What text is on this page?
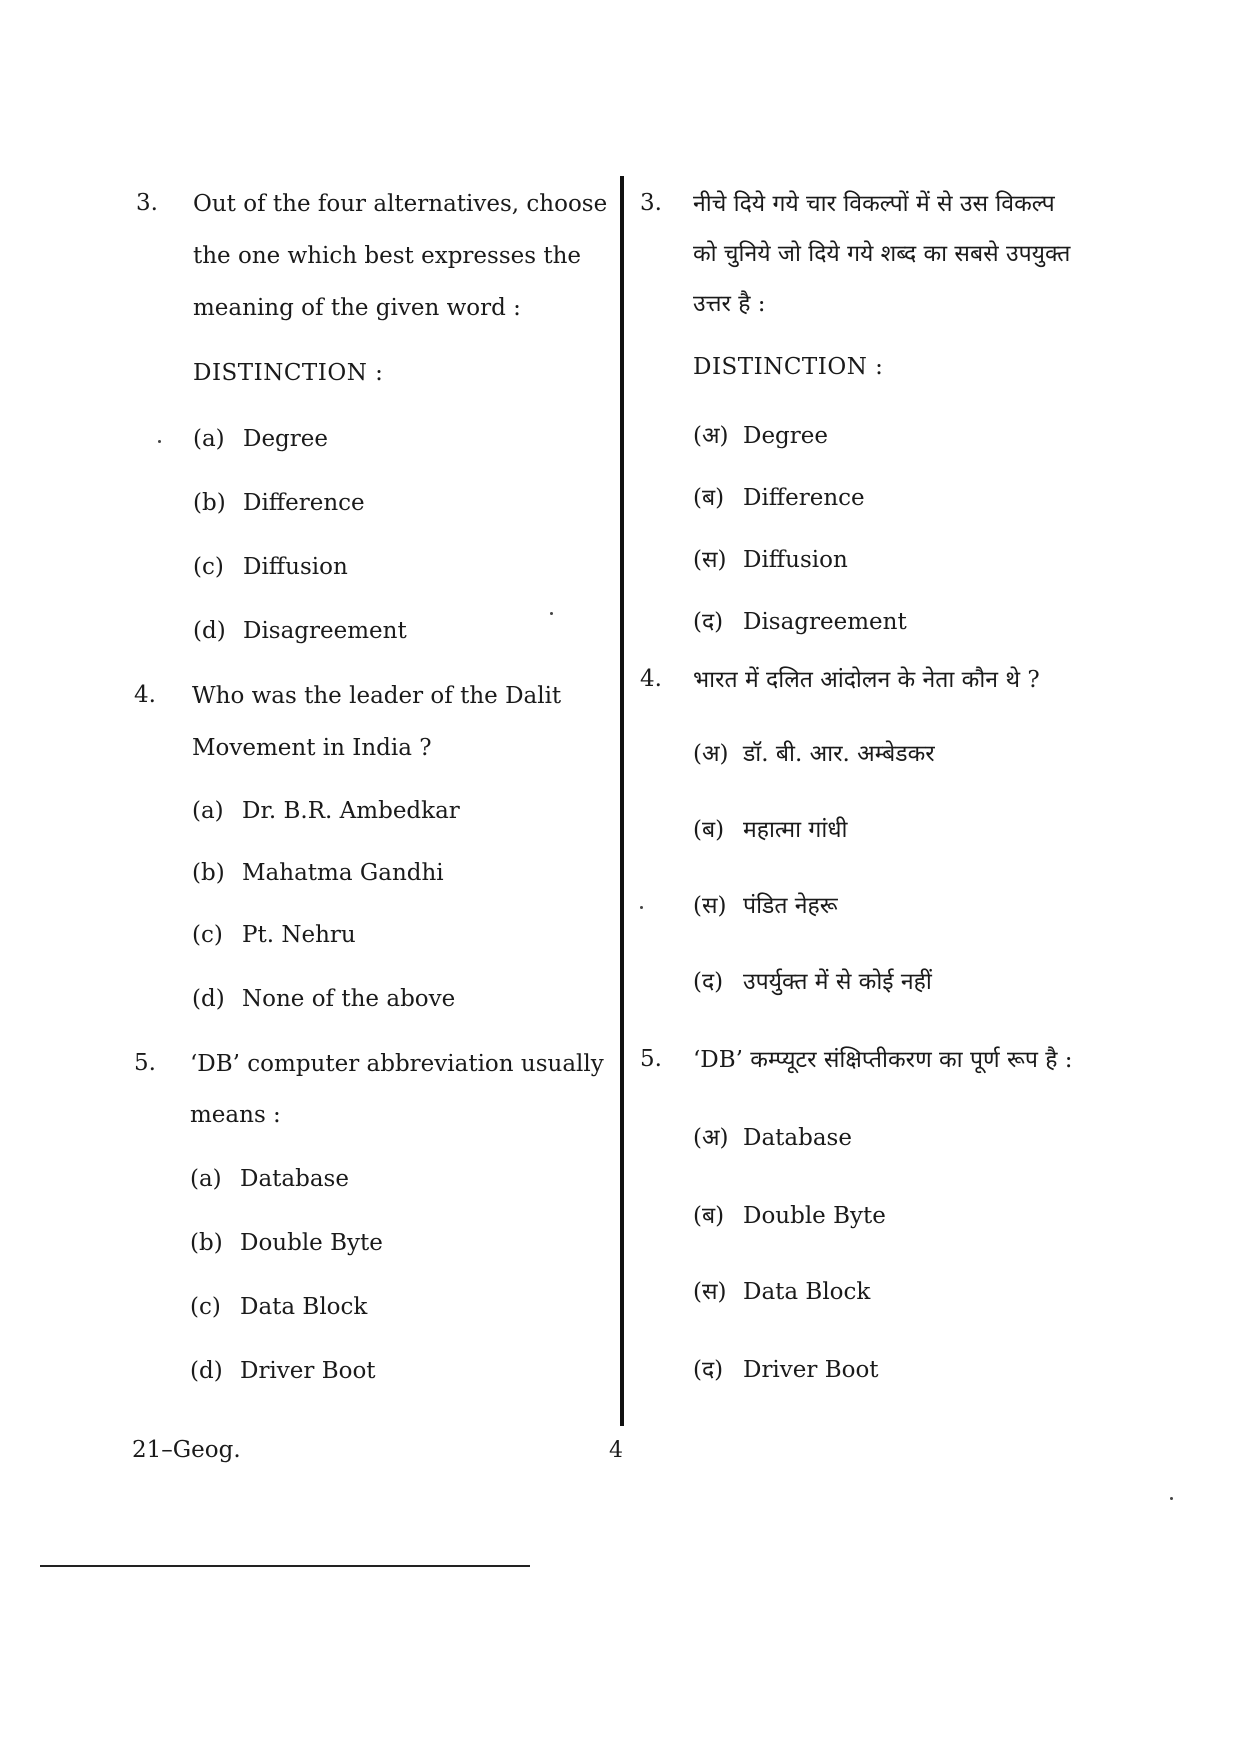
3. Out of the four alternatives, choose
the one which best expresses the
meaning of the given word :
DISTINCTION :
(a) Degree
(b) Difference
(c) Diffusion
(d) Disagreement
4. Who was the leader of the Dalit
Movement in India ?
(a) Dr. B.R. Ambedkar
(b) Mahatma Gandhi
(c) Pt. Nehru
(d) None of the above
5. ‘DB’ computer abbreviation usually
means :
(a) Database
(b) Double Byte
(c) Data Block
(d) Driver Boot
3. नीचे दिये गये चार विकल्पों में से उस विकल्प
को चुनिये जो दिये गये शब्द का सबसे उपयुक्त
उत्तर है :
DISTINCTION :
(अ) Degree
(ब) Difference
(स) Diffusion
(द) Disagreement
4. भारत में दलित आंदोलन के नेता कौन थे ?
(अ) डॉ. बी. आर. अम्बेडकर
(ब) महात्मा गांधी
(स) पंडित नेहरू
(द) उपर्युक्त में से कोई नहीं
5. ‘DB’ कम्प्यूटर संक्षिप्तीकरण का पूर्ण रूप है :
(अ) Database
(ब) Double Byte
(स) Data Block
(द) Driver Boot
21–Geog.	4
